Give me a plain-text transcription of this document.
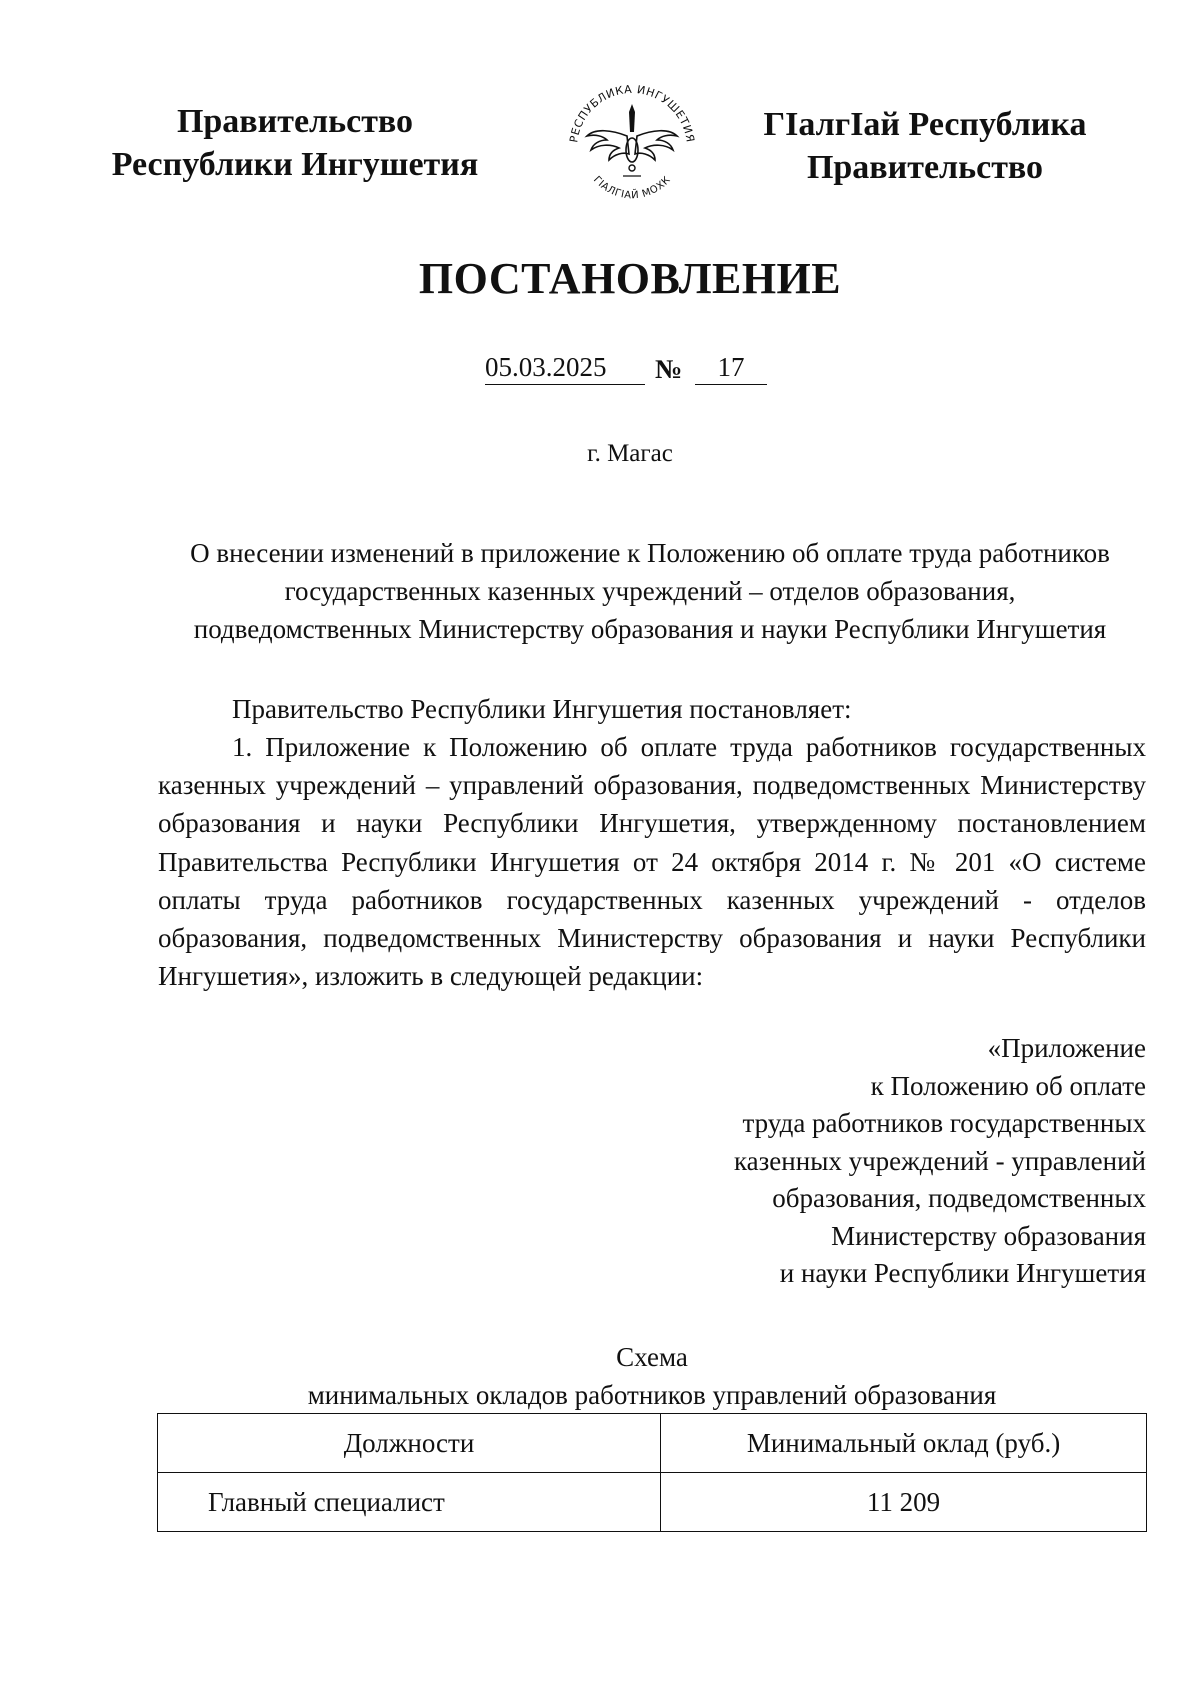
Правительство
Республики Ингушетия
РЕСПУБЛИКА ИНГУШЕТИЯ
ГIАЛГIАЙ МОХК
ГIалгIай Республика
Правительство
ПОСТАНОВЛЕНИЕ
05.03.2025	№	17
г. Магас
О внесении изменений в приложение к Положению об оплате труда работников
государственных казенных учреждений – отделов образования,
подведомственных Министерству образования и науки Республики Ингушетия
Правительство Республики Ингушетия постановляет:
1. Приложение к Положению об оплате труда работников государственных казенных учреждений – управлений образования, подведомственных Министерству образования и науки Республики Ингушетия, утвержденному постановлением Правительства Республики Ингушетия от 24 октября 2014 г. № 201 «О системе оплаты труда работников государственных казенных учреждений - отделов образования, подведомственных Министерству образования и науки Республики Ингушетия», изложить в следующей редакции:
«Приложение
к Положению об оплате
труда работников государственных
казенных учреждений - управлений
образования, подведомственных
Министерству образования
и науки Республики Ингушетия
Схема
минимальных окладов работников управлений образования
Должности	Минимальный оклад (руб.)
Главный специалист	11 209
